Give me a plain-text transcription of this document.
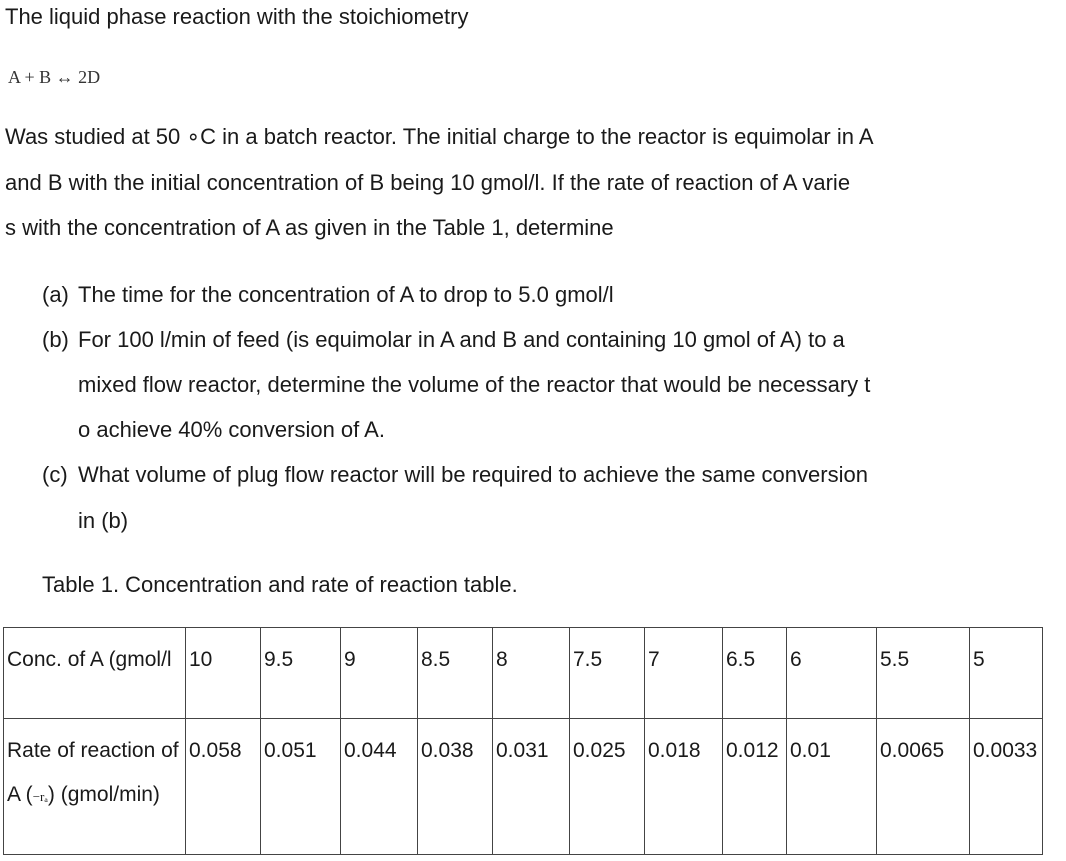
The liquid phase reaction with the stoichiometry
A + B ↔ 2D
Was studied at 50 ∘C in a batch reactor. The initial charge to the reactor is equimolar in A
and B with the initial concentration of B being 10 gmol/l. If the rate of reaction of A varie
s with the concentration of A as given in the Table 1, determine
(a) The time for the concentration of A to drop to 5.0 gmol/l
(b) For 100 l/min of feed (is equimolar in A and B and containing 10 gmol of A) to a
mixed flow reactor, determine the volume of the reactor that would be necessary t
o achieve 40% conversion of A.
(c) What volume of plug flow reactor will be required to achieve the same conversion
in (b)
Table 1. Concentration and rate of reaction table.
Conc. of A (gmol/l	10	9.5	9	8.5	8	7.5	7	6.5	6	5.5	5
Rate of reaction of A (−rₐ) (gmol/min)	0.058	0.051	0.044	0.038	0.031	0.025	0.018	0.012	0.01	0.0065	0.0033
